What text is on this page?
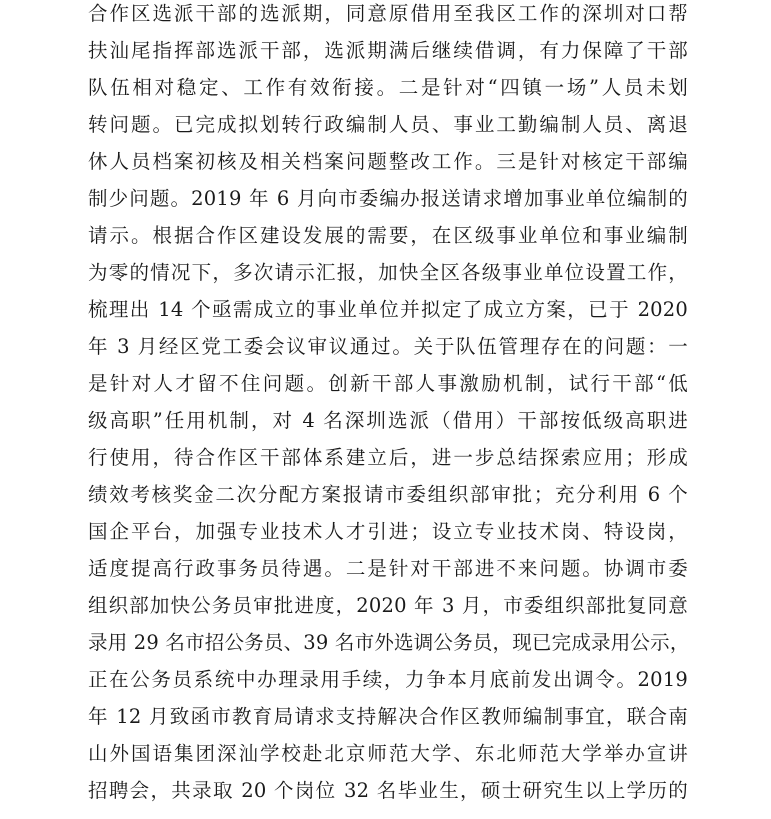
合作区选派干部的选派期，同意原借用至我区工作的深圳对口帮
扶汕尾指挥部选派干部，选派期满后继续借调，有力保障了干部
队伍相对稳定、工作有效衔接。二是针对“四镇一场”人员未划
转问题。已完成拟划转行政编制人员、事业工勤编制人员、离退
休人员档案初核及相关档案问题整改工作。三是针对核定干部编
制少问题。2019 年 6 月向市委编办报送请求增加事业单位编制的
请示。根据合作区建设发展的需要，在区级事业单位和事业编制
为零的情况下，多次请示汇报，加快全区各级事业单位设置工作，
梳理出 14 个亟需成立的事业单位并拟定了成立方案，已于 2020
年 3 月经区党工委会议审议通过。关于队伍管理存在的问题：一
是针对人才留不住问题。创新干部人事激励机制，试行干部“低
级高职”任用机制，对 4 名深圳选派（借用）干部按低级高职进
行使用，待合作区干部体系建立后，进一步总结探索应用；形成
绩效考核奖金二次分配方案报请市委组织部审批；充分利用 6 个
国企平台，加强专业技术人才引进；设立专业技术岗、特设岗，
适度提高行政事务员待遇。二是针对干部进不来问题。协调市委
组织部加快公务员审批进度，2020 年 3 月，市委组织部批复同意
录用 29 名市招公务员、39 名市外选调公务员，现已完成录用公示，
正在公务员系统中办理录用手续，力争本月底前发出调令。2019
年 12 月致函市教育局请求支持解决合作区教师编制事宜，联合南
山外国语集团深汕学校赴北京师范大学、东北师范大学举办宣讲
招聘会，共录取 20 个岗位 32 名毕业生，硕士研究生以上学历的
